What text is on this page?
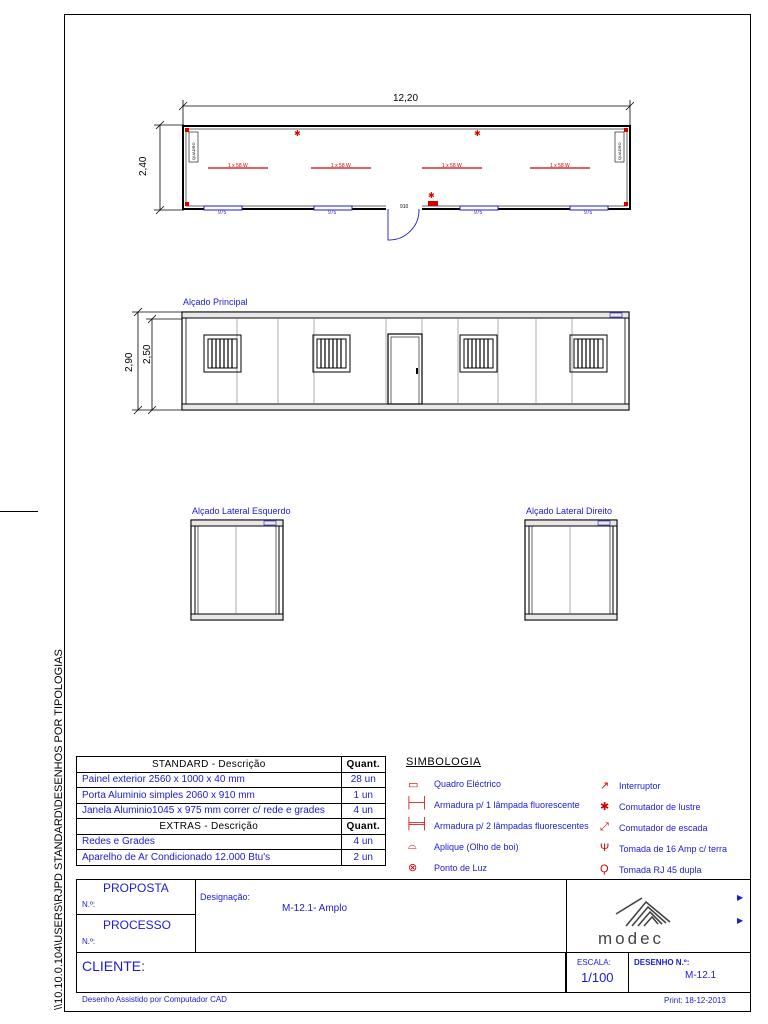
\\10.10.0.104\USERS\RJPD STANDARD\DESENHOS POR TIPOLOGIAS
✱	✱
✱
12,20
2,40	1 x 58 W	1 x 58 W	1 x 58 W	1 x 58 W
975	975	975	975
910
QUADRO	QUADRO
Alçado Principal
2,90 2,50
Alçado Lateral Esquerdo	Alçado Lateral Direito
STANDARD - Descrição	Quant.
Painel exterior 2560 x 1000 x 40 mm	28 un
Porta Aluminio simples 2060 x 910 mm	1 un
Janela Aluminio1045 x 975 mm correr c/ rede e grades	4 un
EXTRAS - Descrição	Quant.
Redes e Grades	4 un
Aparelho de Ar Condicionado 12.000 Btu's	2 un
SIMBOLOGIA
▭ Quadro Eléctrico
├─┤ Armadura p/ 1 lâmpada fluorescente
╞═╡ Armadura p/ 2 lâmpadas fluorescentes
⌓ Aplique (Olho de boi)
⊗ Ponto de Luz
↗ Interruptor
✱ Comutador de lustre
⤢ Comutador de escada
Ψ Tomada de 16 Amp c/ terra
Ϙ Tomada RJ 45 dupla
PROPOSTA
N.º:
PROCESSO
N.º:
Designação:
M-12.1- Amplo
▶
▶
modec
CLIENTE:	ESCALA:
1/100
DESENHO N.º:
M-12.1
Desenho Assistido por Computador CAD	Print: 18-12-2013
